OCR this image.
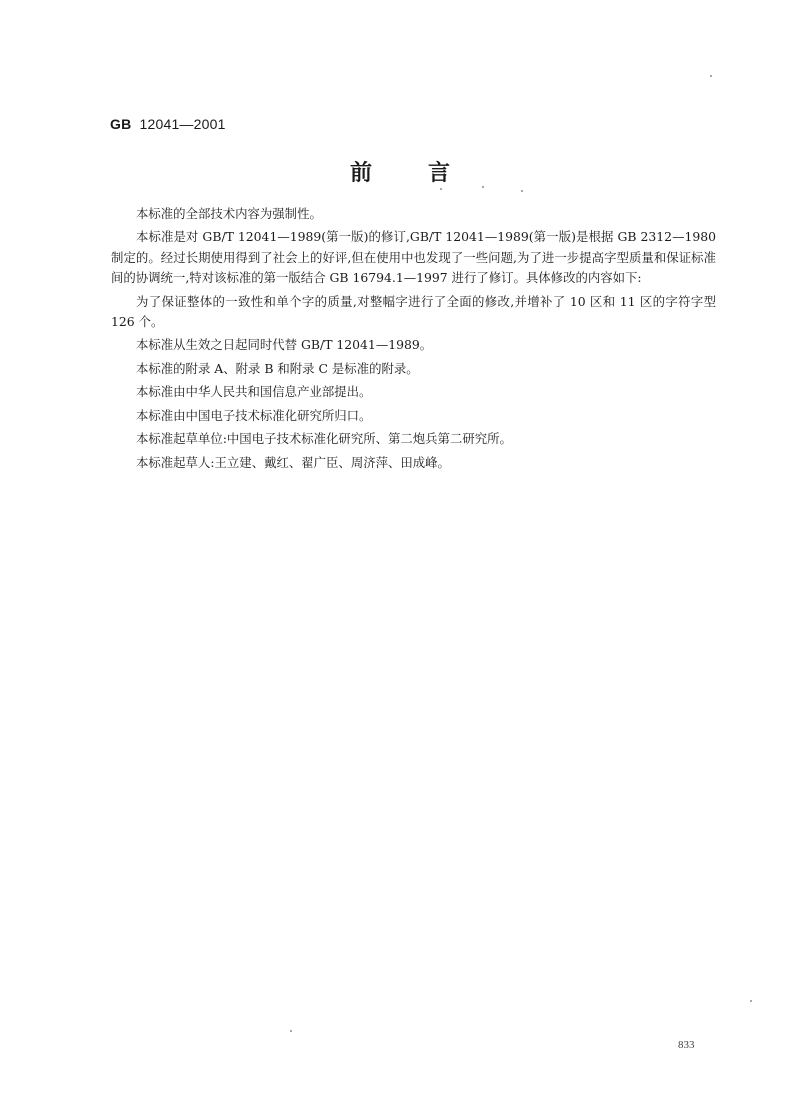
GB 12041—2001
前言

本标准的全部技术内容为强制性。

本标准是对 GB/T 12041—1989(第一版)的修订,GB/T 12041—1989(第一版)是根据 GB 2312—1980 制定的。经过长期使用得到了社会上的好评,但在使用中也发现了一些问题,为了进一步提高字型质量和保证标准间的协调统一,特对该标准的第一版结合 GB 16794.1—1997 进行了修订。具体修改的内容如下:

为了保证整体的一致性和单个字的质量,对整幅字进行了全面的修改,并增补了 10 区和 11 区的字符字型 126 个。

本标准从生效之日起同时代替 GB/T 12041—1989。

本标准的附录 A、附录 B 和附录 C 是标准的附录。

本标准由中华人民共和国信息产业部提出。

本标准由中国电子技术标准化研究所归口。

本标准起草单位:中国电子技术标准化研究所、第二炮兵第二研究所。

本标准起草人:王立建、戴红、翟广臣、周济萍、田成峰。

833
